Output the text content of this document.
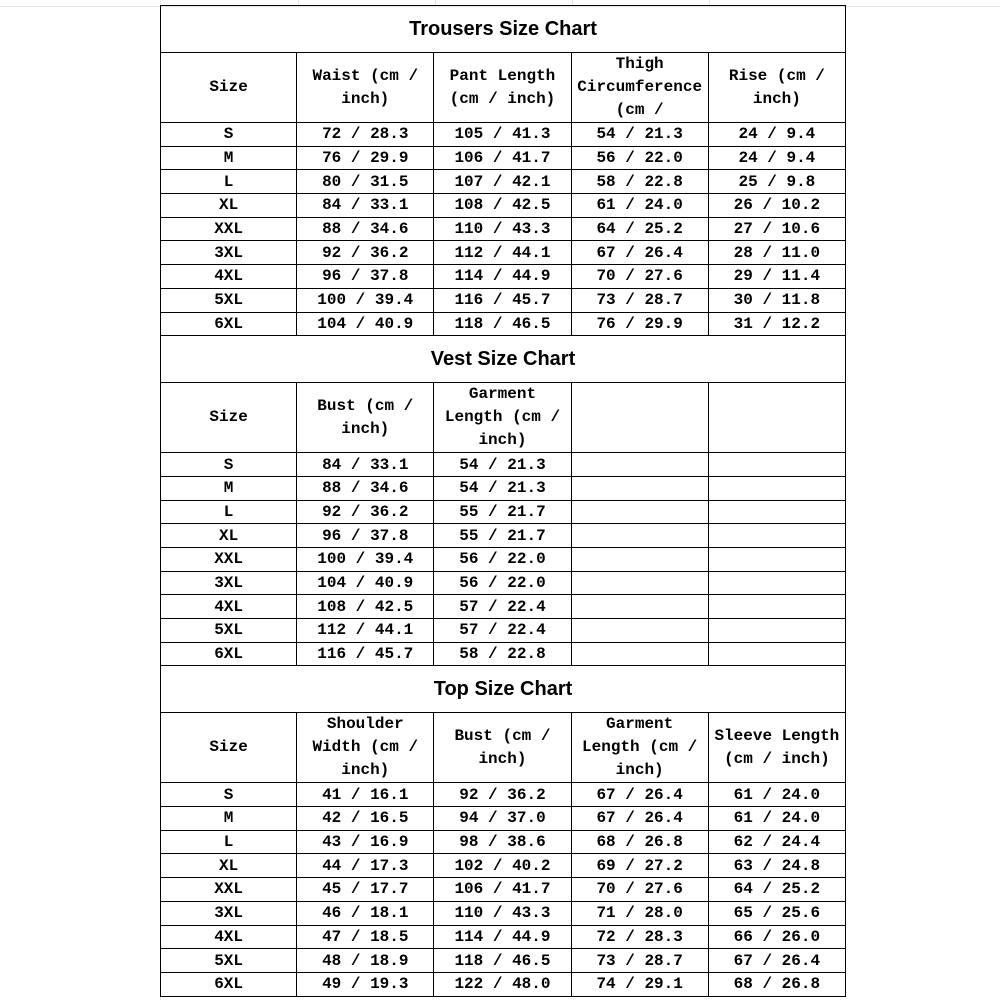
Trousers Size Chart				

Size	Waist (cm / inch)	Pant Length (cm / inch)	Thigh Circumference (cm /	Rise (cm / inch)

S	72 / 28.3	105 / 41.3	54 / 21.3	24 / 9.4
M	76 / 29.9	106 / 41.7	56 / 22.0	24 / 9.4
L	80 / 31.5	107 / 42.1	58 / 22.8	25 / 9.8
XL	84 / 33.1	108 / 42.5	61 / 24.0	26 / 10.2
XXL	88 / 34.6	110 / 43.3	64 / 25.2	27 / 10.6
3XL	92 / 36.2	112 / 44.1	67 / 26.4	28 / 11.0
4XL	96 / 37.8	114 / 44.9	70 / 27.6	29 / 11.4
5XL	100 / 39.4	116 / 45.7	73 / 28.7	30 / 11.8
6XL	104 / 40.9	118 / 46.5	76 / 29.9	31 / 12.2
Vest Size Chart				

Size	Bust (cm / inch)	Garment Length (cm / inch)		

S	84 / 33.1	54 / 21.3		
M	88 / 34.6	54 / 21.3		
L	92 / 36.2	55 / 21.7		
XL	96 / 37.8	55 / 21.7		
XXL	100 / 39.4	56 / 22.0		
3XL	104 / 40.9	56 / 22.0		
4XL	108 / 42.5	57 / 22.4		
5XL	112 / 44.1	57 / 22.4		
6XL	116 / 45.7	58 / 22.8		
Top Size Chart				

Size	Shoulder Width (cm / inch)	Bust (cm / inch)	Garment Length (cm / inch)	Sleeve Length (cm / inch)

S	41 / 16.1	92 / 36.2	67 / 26.4	61 / 24.0
M	42 / 16.5	94 / 37.0	67 / 26.4	61 / 24.0
L	43 / 16.9	98 / 38.6	68 / 26.8	62 / 24.4
XL	44 / 17.3	102 / 40.2	69 / 27.2	63 / 24.8
XXL	45 / 17.7	106 / 41.7	70 / 27.6	64 / 25.2
3XL	46 / 18.1	110 / 43.3	71 / 28.0	65 / 25.6
4XL	47 / 18.5	114 / 44.9	72 / 28.3	66 / 26.0
5XL	48 / 18.9	118 / 46.5	73 / 28.7	67 / 26.4
6XL	49 / 19.3	122 / 48.0	74 / 29.1	68 / 26.8
